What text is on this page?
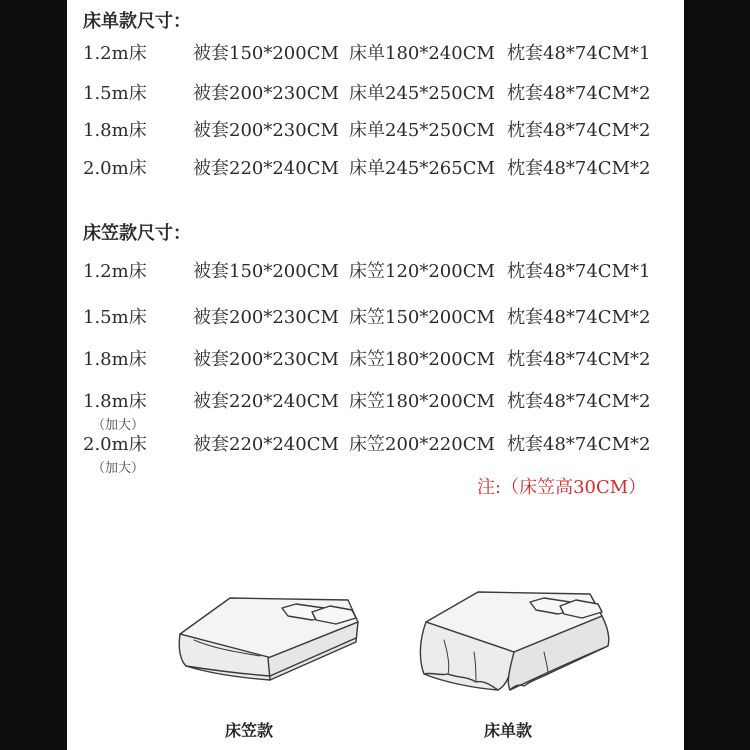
床单款尺寸：
1.2m床	被套150*200CM 床单180*240CM 枕套48*74CM*1
1.5m床	被套200*230CM 床单245*250CM 枕套48*74CM*2
1.8m床	被套200*230CM 床单245*250CM 枕套48*74CM*2
2.0m床	被套220*240CM 床单245*265CM 枕套48*74CM*2
床笠款尺寸：
1.2m床	被套150*200CM 床笠120*200CM 枕套48*74CM*1
1.5m床	被套200*230CM 床笠150*200CM 枕套48*74CM*2
1.8m床	被套200*230CM 床笠180*200CM 枕套48*74CM*2
1.8m床	被套220*240CM 床笠180*200CM 枕套48*74CM*2
（加大）
2.0m床	被套220*240CM 床笠200*220CM 枕套48*74CM*2
（加大）
注:（床笠高30CM）
床笠款	床单款
